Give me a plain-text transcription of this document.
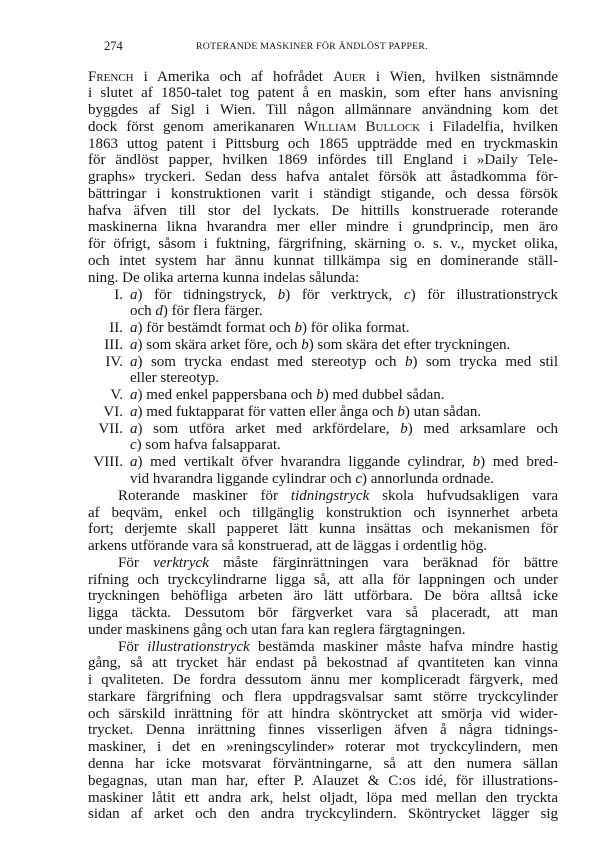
274	ROTERANDE MASKINER FÖR ÄNDLÖST PAPPER.
French i Amerika och af hofrådet Auer i Wien, hvilken sistnämnde
i slutet af 1850-talet tog patent å en maskin, som efter hans anvisning
byggdes af Sigl i Wien. Till någon allmännare användning kom det
dock först genom amerikanaren William Bullock i Filadelfia, hvilken
1863 uttog patent i Pittsburg och 1865 uppträdde med en tryckmaskin
för ändlöst papper, hvilken 1869 infördes till England i »Daily Tele-
graphs» tryckeri. Sedan dess hafva antalet försök att åstadkomma för-
bättringar i konstruktionen varit i ständigt stigande, och dessa försök
hafva äfven till stor del lyckats. De hittills konstruerade roterande
maskinerna likna hvarandra mer eller mindre i grundprincip, men äro
för öfrigt, såsom i fuktning, färgrifning, skärning o. s. v., mycket olika,
och intet system har ännu kunnat tillkämpa sig en dominerande ställ-
ning. De olika arterna kunna indelas sålunda:
I. a) för tidningstryck, b) för verktryck, c) för illustrationstryck
och d) för flera färger.
II. a) för bestämdt format och b) för olika format.
III. a) som skära arket före, och b) som skära det efter tryckningen.
IV. a) som trycka endast med stereotyp och b) som trycka med stil
eller stereotyp.
V. a) med enkel pappersbana och b) med dubbel sådan.
VI. a) med fuktapparat för vatten eller ånga och b) utan sådan.
VII. a) som utföra arket med arkfördelare, b) med arksamlare och
c) som hafva falsapparat.
VIII. a) med vertikalt öfver hvarandra liggande cylindrar, b) med bred-
vid hvarandra liggande cylindrar och c) annorlunda ordnade.
Roterande maskiner för tidningstryck skola hufvudsakligen vara
af beqväm, enkel och tillgänglig konstruktion och isynnerhet arbeta
fort; derjemte skall papperet lätt kunna insättas och mekanismen för
arkens utförande vara så konstruerad, att de läggas i ordentlig hög.
För verktryck måste färginrättningen vara beräknad för bättre
rifning och tryckcylindrarne ligga så, att alla för lappningen och under
tryckningen behöfliga arbeten äro lätt utförbara. De böra alltså icke
ligga täckta. Dessutom bör färgverket vara så placeradt, att man
under maskinens gång och utan fara kan reglera färgtagningen.
För illustrationstryck bestämda maskiner måste hafva mindre hastig
gång, så att trycket här endast på bekostnad af qvantiteten kan vinna
i qvaliteten. De fordra dessutom ännu mer kompliceradt färgverk, med
starkare färgrifning och flera uppdragsvalsar samt större tryckcylinder
och särskild inrättning för att hindra sköntrycket att smörja vid wider-
trycket. Denna inrättning finnes visserligen äfven å några tidnings-
maskiner, i det en »reningscylinder» roterar mot tryckcylindern, men
denna har icke motsvarat förväntningarne, så att den numera sällan
begagnas, utan man har, efter P. Alauzet & C:os idé, för illustrations-
maskiner låtit ett andra ark, helst oljadt, löpa med mellan den tryckta
sidan af arket och den andra tryckcylindern. Sköntrycket lägger sig
